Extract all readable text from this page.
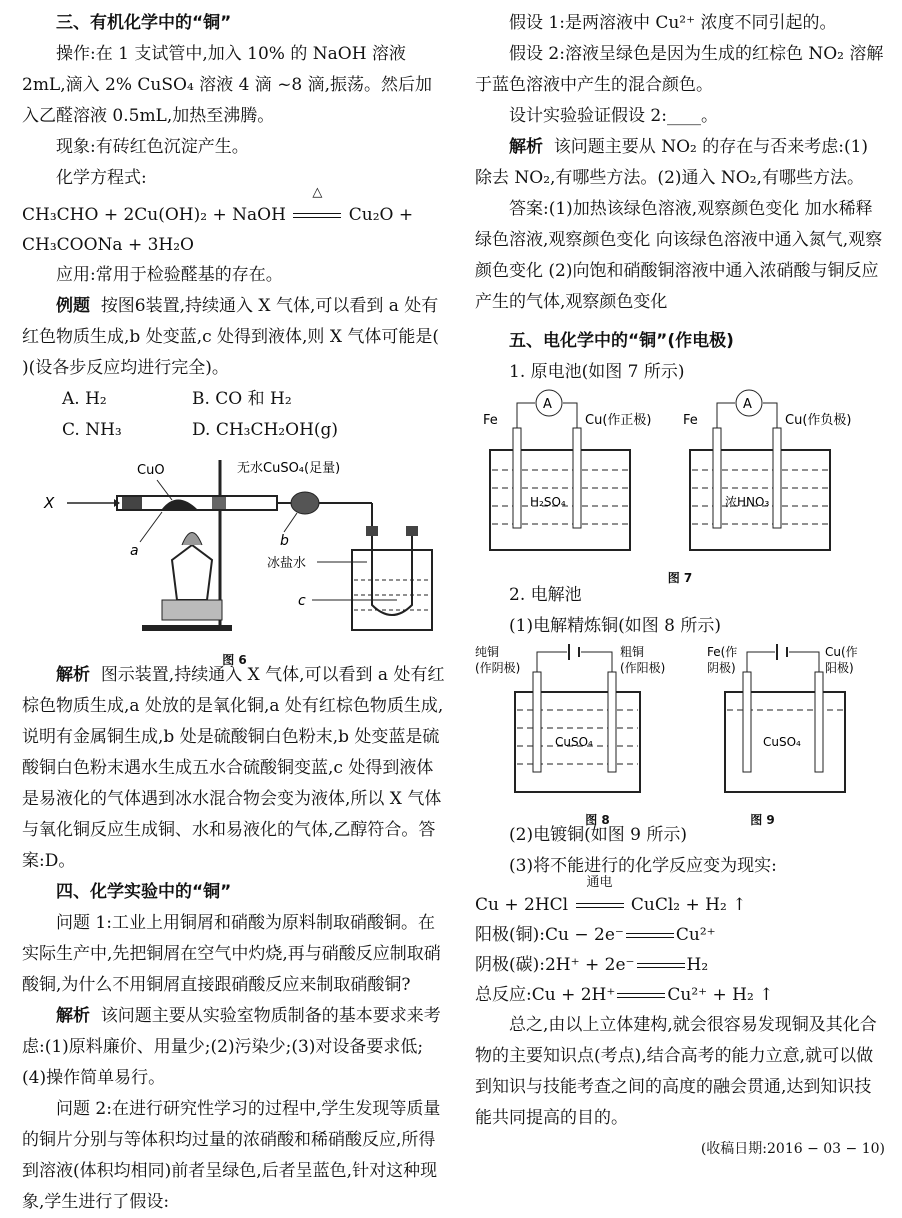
三、有机化学中的“铜”
操作:在 1 支试管中,加入 10% 的 NaOH 溶液 2mL,滴入 2% CuSO₄ 溶液 4 滴 ~8 滴,振荡。然后加入乙醛溶液 0.5mL,加热至沸腾。
现象:有砖红色沉淀产生。
化学方程式:
CH₃CHO + 2Cu(OH)₂ + NaOH
△
Cu₂O +
CH₃COONa + 3H₂O
应用:常用于检验醛基的存在。
例题 按图6装置,持续通入 X 气体,可以看到 a 处有红色物质生成,b 处变蓝,c 处得到液体,则 X 气体可能是( )(设各步反应均进行完全)。
A. H₂	B. CO 和 H₂
C. NH₃	D. CH₃CH₂OH(g)
X
CuO	无水CuSO₄(足量)
a
b
冰盐水
c
图 6
解析 图示装置,持续通入 X 气体,可以看到 a 处有红棕色物质生成,a 处放的是氧化铜,a 处有红棕色物质生成,说明有金属铜生成,b 处是硫酸铜白色粉末,b 处变蓝是硫酸铜白色粉末遇水生成五水合硫酸铜变蓝,c 处得到液体是易液化的气体遇到冰水混合物会变为液体,所以 X 气体与氧化铜反应生成铜、水和易液化的气体,乙醇符合。答案:D。
四、化学实验中的“铜”
问题 1:工业上用铜屑和硝酸为原料制取硝酸铜。在实际生产中,先把铜屑在空气中灼烧,再与硝酸反应制取硝酸铜,为什么不用铜屑直接跟硝酸反应来制取硝酸铜?
解析 该问题主要从实验室物质制备的基本要求来考虑:(1)原料廉价、用量少;(2)污染少;(3)对设备要求低;(4)操作简单易行。
问题 2:在进行研究性学习的过程中,学生发现等质量的铜片分别与等体积均过量的浓硝酸和稀硝酸反应,所得到溶液(体积均相同)前者呈绿色,后者呈蓝色,针对这种现象,学生进行了假设:
假设 1:是两溶液中 Cu²⁺ 浓度不同引起的。
假设 2:溶液呈绿色是因为生成的红棕色 NO₂ 溶解于蓝色溶液中产生的混合颜色。
设计实验验证假设 2:____。
解析 该问题主要从 NO₂ 的存在与否来考虑:(1)除去 NO₂,有哪些方法。(2)通入 NO₂,有哪些方法。
答案:(1)加热该绿色溶液,观察颜色变化 加水稀释绿色溶液,观察颜色变化 向该绿色溶液中通入氮气,观察颜色变化 (2)向饱和硝酸铜溶液中通入浓硝酸与铜反应产生的气体,观察颜色变化
五、电化学中的“铜”(作电极)
1. 原电池(如图 7 所示)
A
Fe	Cu(作正极)
H₂SO₄
A
Fe	Cu(作负极)
浓HNO₃
图 7
2. 电解池
(1)电解精炼铜(如图 8 所示)
纯铜
(作阴极)
粗铜
(作阳极)
CuSO₄
Fe(作
阴极)
Cu(作
阳极)
CuSO₄
图 8	图 9
(2)电镀铜(如图 9 所示)
(3)将不能进行的化学反应变为现实:
Cu + 2HCl
通电
CuCl₂ + H₂ ↑
阳极(铜):Cu − 2e⁻	Cu²⁺
阴极(碳):2H⁺ + 2e⁻	H₂
总反应:Cu + 2H⁺	Cu²⁺ + H₂ ↑
总之,由以上立体建构,就会很容易发现铜及其化合物的主要知识点(考点),结合高考的能力立意,就可以做到知识与技能考查之间的高度的融会贯通,达到知识技能共同提高的目的。
(收稿日期:2016 − 03 − 10)
